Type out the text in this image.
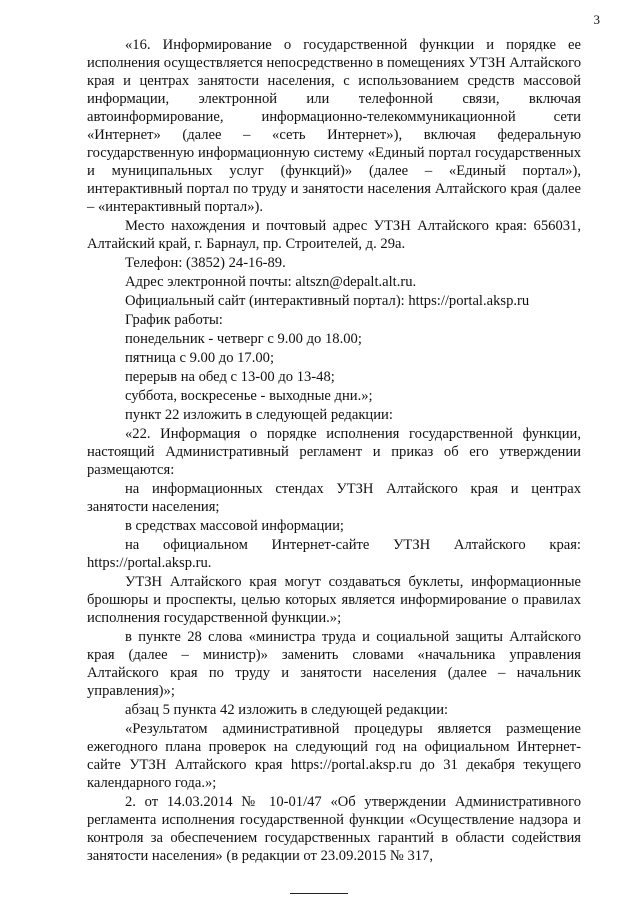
3

«16. Информирование о государственной функции и порядке ее исполнения осуществляется непосредственно в помещениях УТЗН Алтайского края и центрах занятости населения, с использованием средств массовой информации, электронной или телефонной связи, включая автоинформирование, информационно-телекоммуникационной сети «Интернет» (далее – «сеть Интернет»), включая федеральную государственную информационную систему «Единый портал государственных и муниципальных услуг (функций)» (далее – «Единый портал»), интерактивный портал по труду и занятости населения Алтайского края (далее – «интерактивный портал»).

Место нахождения и почтовый адрес УТЗН Алтайского края: 656031, Алтайский край, г. Барнаул, пр. Строителей, д. 29а.

Телефон: (3852) 24-16-89.

Адрес электронной почты: altszn@depalt.alt.ru.

Официальный сайт (интерактивный портал): https://portal.aksp.ru

График работы:

понедельник - четверг с 9.00 до 18.00;

пятница с 9.00 до 17.00;

перерыв на обед с 13-00 до 13-48;

суббота, воскресенье - выходные дни.»;

пункт 22 изложить в следующей редакции:

«22. Информация о порядке исполнения государственной функции, настоящий Административный регламент и приказ об его утверждении размещаются:

на информационных стендах УТЗН Алтайского края и центрах занятости населения;

в средствах массовой информации;

на официальном Интернет-сайте УТЗН Алтайского края: https://portal.aksp.ru.

УТЗН Алтайского края могут создаваться буклеты, информационные брошюры и проспекты, целью которых является информирование о правилах исполнения государственной функции.»;

в пункте 28 слова «министра труда и социальной защиты Алтайского края (далее – министр)» заменить словами «начальника управления Алтайского края по труду и занятости населения (далее – начальник управления)»;

абзац 5 пункта 42 изложить в следующей редакции:

«Результатом административной процедуры является размещение ежегодного плана проверок на следующий год на официальном Интернет-сайте УТЗН Алтайского края https://portal.aksp.ru до 31 декабря текущего календарного года.»;

2. от 14.03.2014 № 10-01/47 «Об утверждении Административного регламента исполнения государственной функции «Осуществление надзора и контроля за обеспечением государственных гарантий в области содействия занятости населения» (в редакции от 23.09.2015 № 317,
